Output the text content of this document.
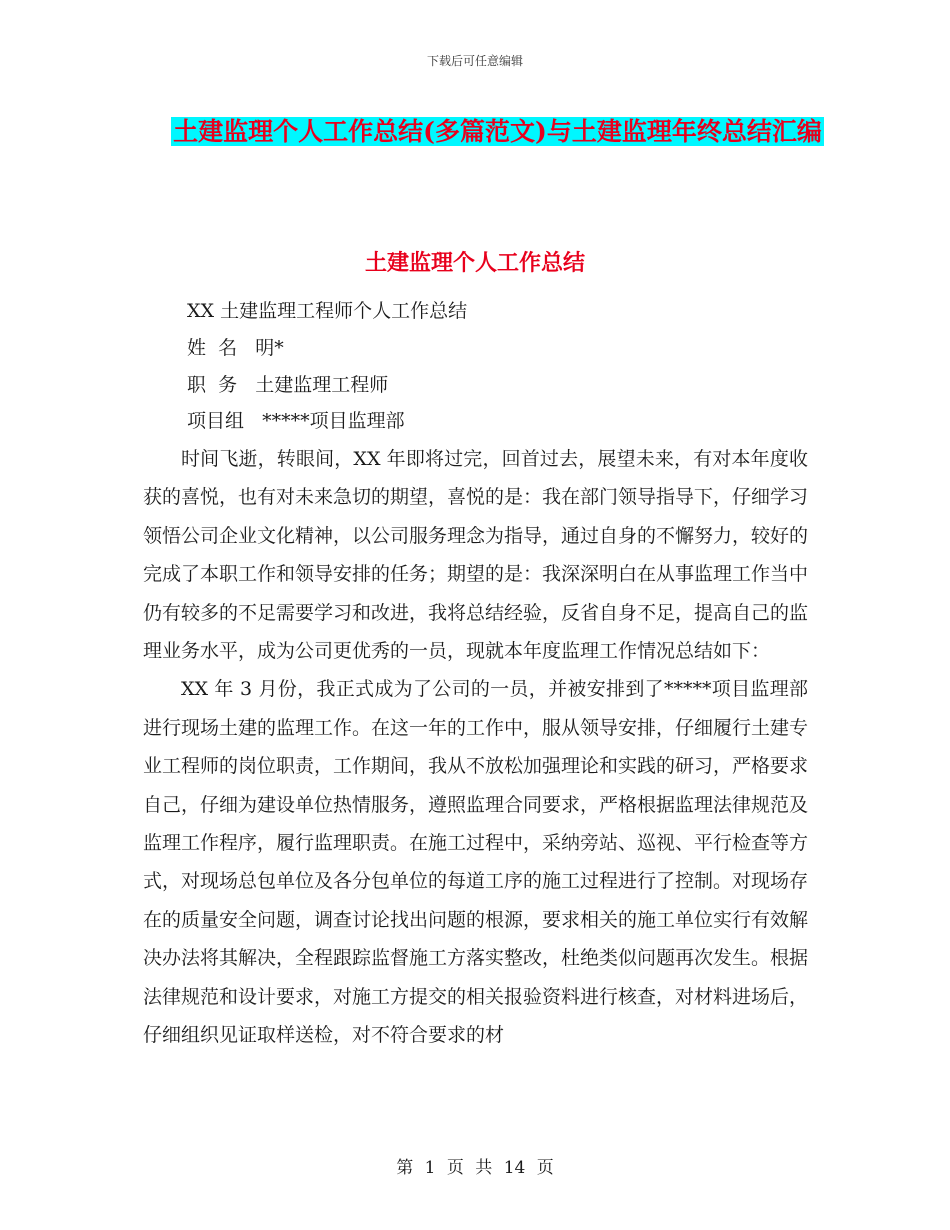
下载后可任意编辑
土建监理个人工作总结(多篇范文)与土建监理年终总结汇编
土建监理个人工作总结
XX 土建监理工程师个人工作总结
姓  名   明*
职  务   土建监理工程师
项目组   *****项目监理部

时间飞逝，转眼间，XX 年即将过完，回首过去，展望未来，有对本年度收获的喜悦，也有对未来急切的期望，喜悦的是：我在部门领导指导下，仔细学习领悟公司企业文化精神，以公司服务理念为指导，通过自身的不懈努力，较好的完成了本职工作和领导安排的任务；期望的是：我深深明白在从事监理工作当中仍有较多的不足需要学习和改进，我将总结经验，反省自身不足，提高自己的监理业务水平，成为公司更优秀的一员，现就本年度监理工作情况总结如下：

XX 年 3 月份，我正式成为了公司的一员，并被安排到了*****项目监理部进行现场土建的监理工作。在这一年的工作中，服从领导安排，仔细履行土建专业工程师的岗位职责，工作期间，我从不放松加强理论和实践的研习，严格要求自己，仔细为建设单位热情服务，遵照监理合同要求，严格根据监理法律规范及监理工作程序，履行监理职责。在施工过程中，采纳旁站、巡视、平行检查等方式，对现场总包单位及各分包单位的每道工序的施工过程进行了控制。对现场存在的质量安全问题，调查讨论找出问题的根源，要求相关的施工单位实行有效解决办法将其解决，全程跟踪监督施工方落实整改，杜绝类似问题再次发生。根据法律规范和设计要求，对施工方提交的相关报验资料进行核查，对材料进场后，仔细组织见证取样送检，对不符合要求的材

第 1 页 共 14 页
